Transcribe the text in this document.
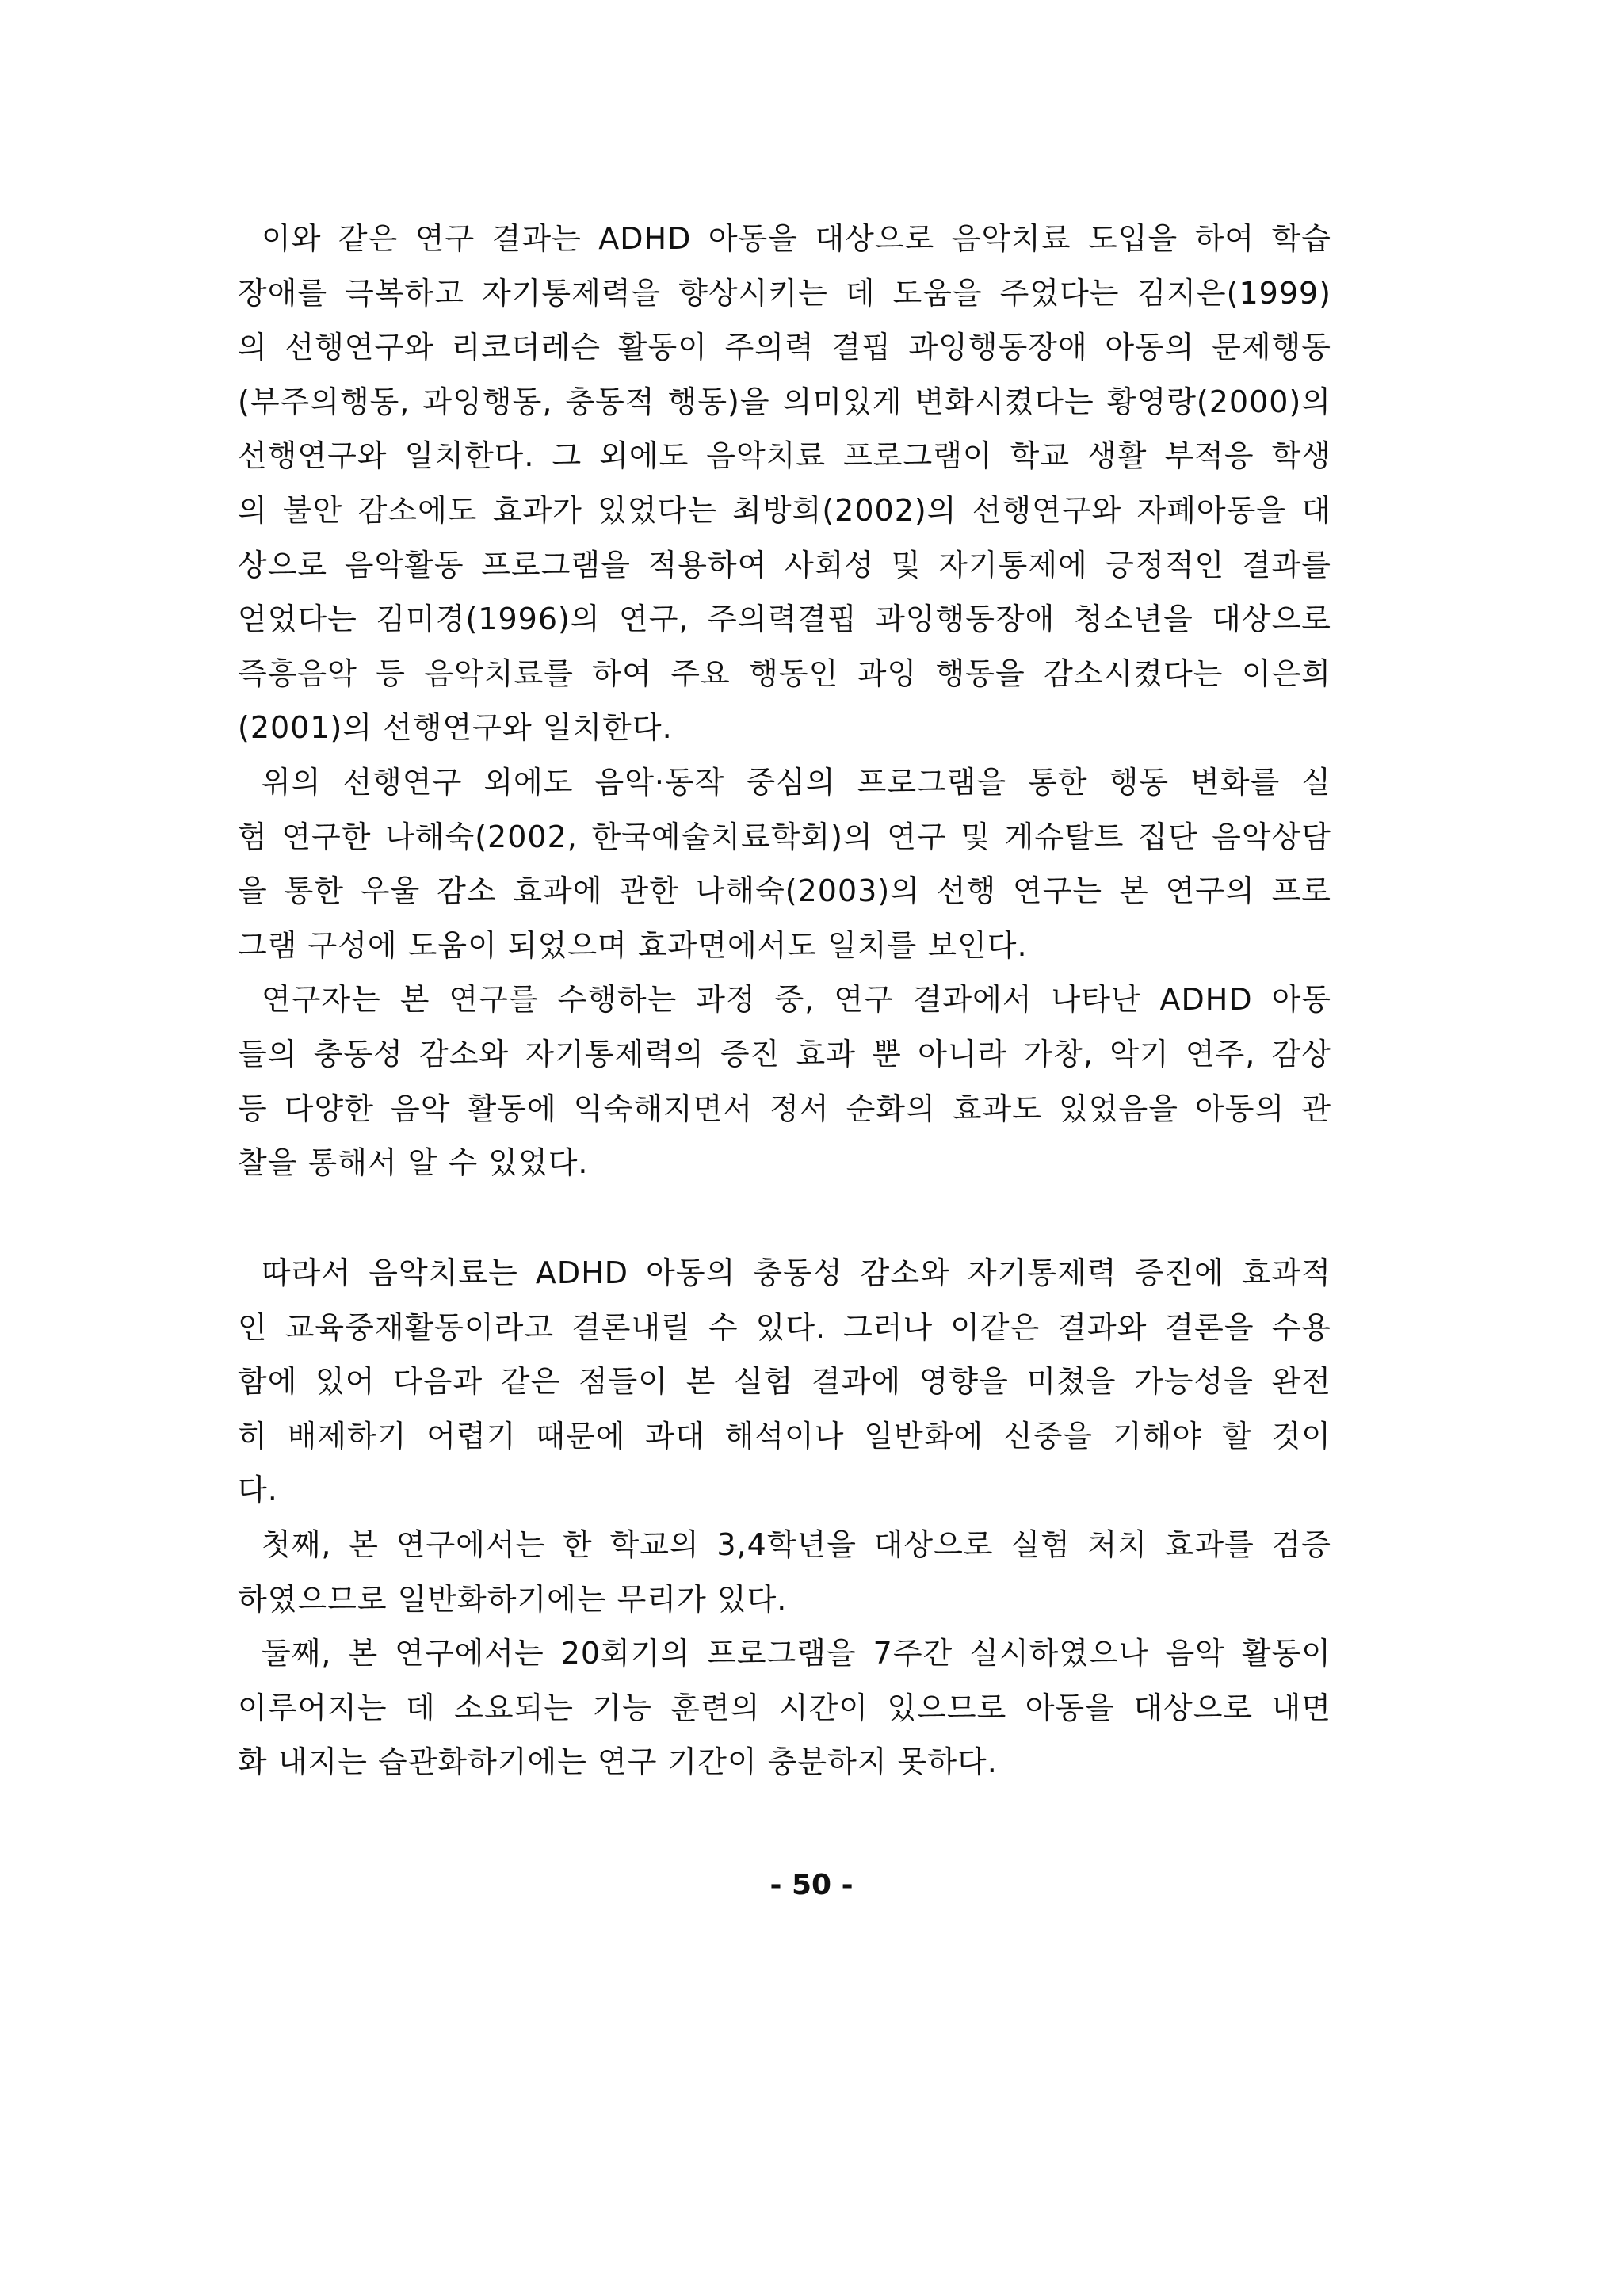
이와 같은 연구 결과는 ADHD 아동을 대상으로 음악치료 도입을 하여 학습
장애를 극복하고 자기통제력을 향상시키는 데 도움을 주었다는 김지은(1999)
의 선행연구와 리코더레슨 활동이 주의력 결핍 과잉행동장애 아동의 문제행동
(부주의행동, 과잉행동, 충동적 행동)을 의미있게 변화시켰다는 황영랑(2000)의
선행연구와 일치한다. 그 외에도 음악치료 프로그램이 학교 생활 부적응 학생
의 불안 감소에도 효과가 있었다는 최방희(2002)의 선행연구와 자폐아동을 대
상으로 음악활동 프로그램을 적용하여 사회성 및 자기통제에 긍정적인 결과를
얻었다는 김미경(1996)의 연구, 주의력결핍 과잉행동장애 청소년을 대상으로
즉흥음악 등 음악치료를 하여 주요 행동인 과잉 행동을 감소시켰다는 이은희
(2001)의 선행연구와 일치한다.
위의 선행연구 외에도 음악·동작 중심의 프로그램을 통한 행동 변화를 실
험 연구한 나해숙(2002, 한국예술치료학회)의 연구 및 게슈탈트 집단 음악상담
을 통한 우울 감소 효과에 관한 나해숙(2003)의 선행 연구는 본 연구의 프로
그램 구성에 도움이 되었으며 효과면에서도 일치를 보인다.
연구자는 본 연구를 수행하는 과정 중, 연구 결과에서 나타난 ADHD 아동
들의 충동성 감소와 자기통제력의 증진 효과 뿐 아니라 가창, 악기 연주, 감상
등 다양한 음악 활동에 익숙해지면서 정서 순화의 효과도 있었음을 아동의 관
찰을 통해서 알 수 있었다.
따라서 음악치료는 ADHD 아동의 충동성 감소와 자기통제력 증진에 효과적
인 교육중재활동이라고 결론내릴 수 있다. 그러나 이같은 결과와 결론을 수용
함에 있어 다음과 같은 점들이 본 실험 결과에 영향을 미쳤을 가능성을 완전
히 배제하기 어렵기 때문에 과대 해석이나 일반화에 신중을 기해야 할 것이
다.
첫째, 본 연구에서는 한 학교의 3,4학년을 대상으로 실험 처치 효과를 검증
하였으므로 일반화하기에는 무리가 있다.
둘째, 본 연구에서는 20회기의 프로그램을 7주간 실시하였으나 음악 활동이
이루어지는 데 소요되는 기능 훈련의 시간이 있으므로 아동을 대상으로 내면
화 내지는 습관화하기에는 연구 기간이 충분하지 못하다.
- 50 -
